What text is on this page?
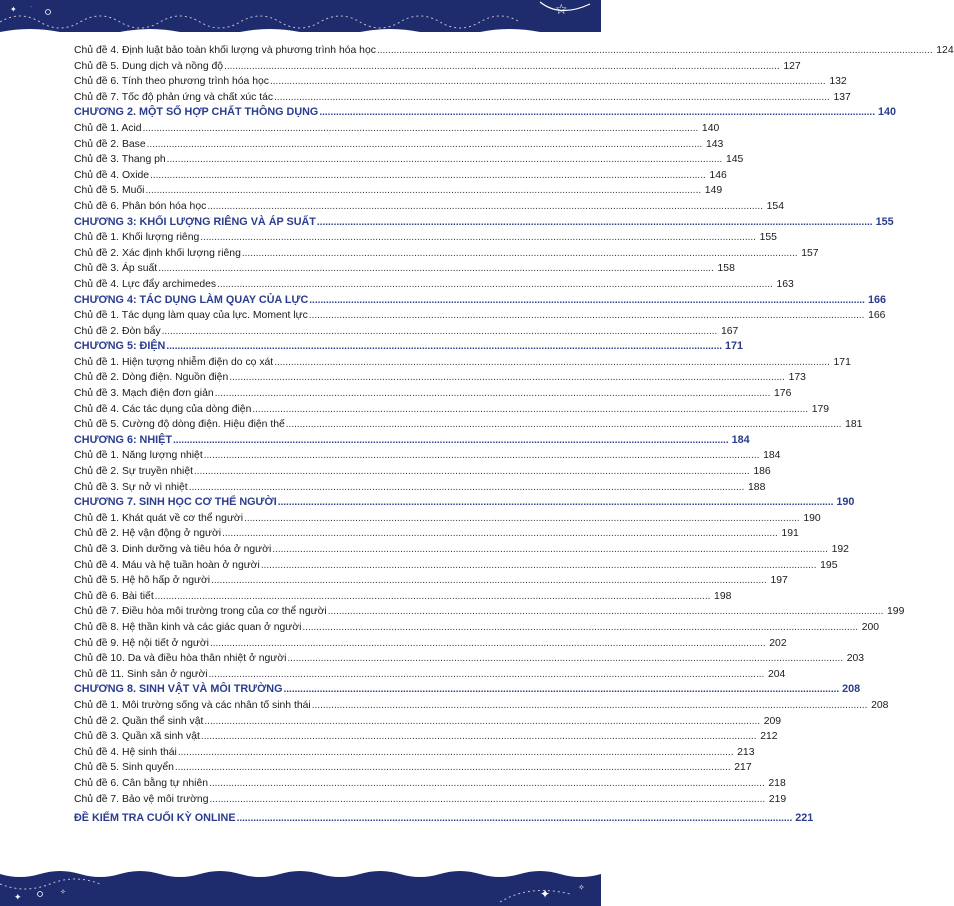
✦ ·	☆
Chủ đề 4. Định luật bảo toàn khối lượng và phương trình hóa học ........................................................................................................................................................................................................ 124
Chủ đề 5. Dung dịch và nồng độ ........................................................................................................................................................................................................ 127
Chủ đề 6. Tính theo phương trình hóa học ........................................................................................................................................................................................................ 132
Chủ đề 7. Tốc độ phản ứng và chất xúc tác ........................................................................................................................................................................................................ 137
CHƯƠNG 2. MỘT SỐ HỢP CHẤT THÔNG DỤNG ........................................................................................................................................................................................................ 140
Chủ đề 1. Acid ........................................................................................................................................................................................................ 140
Chủ đề 2. Base ........................................................................................................................................................................................................ 143
Chủ đề 3. Thang ph ........................................................................................................................................................................................................ 145
Chủ đề 4. Oxide ........................................................................................................................................................................................................ 146
Chủ đề 5. Muối ........................................................................................................................................................................................................ 149
Chủ đề 6. Phân bón hóa học ........................................................................................................................................................................................................ 154
CHƯƠNG 3: KHỐI LƯỢNG RIÊNG VÀ ÁP SUẤT ........................................................................................................................................................................................................ 155
Chủ đề 1. Khối lượng riêng ........................................................................................................................................................................................................ 155
Chủ đề 2. Xác định khối lượng riêng ........................................................................................................................................................................................................ 157
Chủ đề 3. Áp suất ........................................................................................................................................................................................................ 158
Chủ đề 4. Lực đẩy archimedes ........................................................................................................................................................................................................ 163
CHƯƠNG 4: TÁC DỤNG LÀM QUAY CỦA LỰC ........................................................................................................................................................................................................ 166
Chủ đề 1. Tác dụng làm quay của lực. Moment lực ........................................................................................................................................................................................................ 166
Chủ đề 2. Đòn bẩy ........................................................................................................................................................................................................ 167
CHƯƠNG 5: ĐIỆN ........................................................................................................................................................................................................ 171
Chủ đề 1. Hiện tượng nhiễm điện do cọ xát ........................................................................................................................................................................................................ 171
Chủ đề 2. Dòng điện. Nguồn điện ........................................................................................................................................................................................................ 173
Chủ đề 3. Mạch điện đơn giản ........................................................................................................................................................................................................ 176
Chủ đề 4. Các tác dụng của dòng điện ........................................................................................................................................................................................................ 179
Chủ đề 5. Cường độ dòng điện. Hiệu điện thế ........................................................................................................................................................................................................ 181
CHƯƠNG 6: NHIỆT ........................................................................................................................................................................................................ 184
Chủ đề 1. Năng lượng nhiệt ........................................................................................................................................................................................................ 184
Chủ đề 2. Sự truyền nhiệt ........................................................................................................................................................................................................ 186
Chủ đề 3. Sự nở vì nhiệt ........................................................................................................................................................................................................ 188
CHƯƠNG 7. SINH HỌC CƠ THỂ NGƯỜI ........................................................................................................................................................................................................ 190
Chủ đề 1. Khát quát về cơ thể người ........................................................................................................................................................................................................ 190
Chủ đề 2. Hệ vận động ở người ........................................................................................................................................................................................................ 191
Chủ đề 3. Dinh dưỡng và tiêu hóa ở người ........................................................................................................................................................................................................ 192
Chủ đề 4. Máu và hệ tuần hoàn ở người ........................................................................................................................................................................................................ 195
Chủ đề 5. Hệ hô hấp ở người ........................................................................................................................................................................................................ 197
Chủ đề 6. Bài tiết ........................................................................................................................................................................................................ 198
Chủ đề 7. Điều hòa môi trường trong của cơ thể người ........................................................................................................................................................................................................ 199
Chủ đề 8. Hệ thần kinh và các giác quan ở người ........................................................................................................................................................................................................ 200
Chủ đề 9. Hệ nội tiết ở người ........................................................................................................................................................................................................ 202
Chủ đề 10. Da và điều hòa thân nhiệt ở người ........................................................................................................................................................................................................ 203
Chủ đề 11. Sinh sản ở người ........................................................................................................................................................................................................ 204
CHƯƠNG 8. SINH VẬT VÀ MÔI TRƯỜNG ........................................................................................................................................................................................................ 208
Chủ đề 1. Môi trường sống và các nhân tố sinh thái ........................................................................................................................................................................................................ 208
Chủ đề 2. Quần thể sinh vật ........................................................................................................................................................................................................ 209
Chủ đề 3. Quần xã sinh vật ........................................................................................................................................................................................................ 212
Chủ đề 4. Hệ sinh thái ........................................................................................................................................................................................................ 213
Chủ đề 5. Sinh quyển ........................................................................................................................................................................................................ 217
Chủ đề 6. Cân bằng tự nhiên ........................................................................................................................................................................................................ 218
Chủ đề 7. Bảo vệ môi trường ........................................................................................................................................................................................................ 219
ĐỀ KIỂM TRA CUỐI KỲ ONLINE ........................................................................................................................................................................................................ 221
✦	✧	✦	✧
